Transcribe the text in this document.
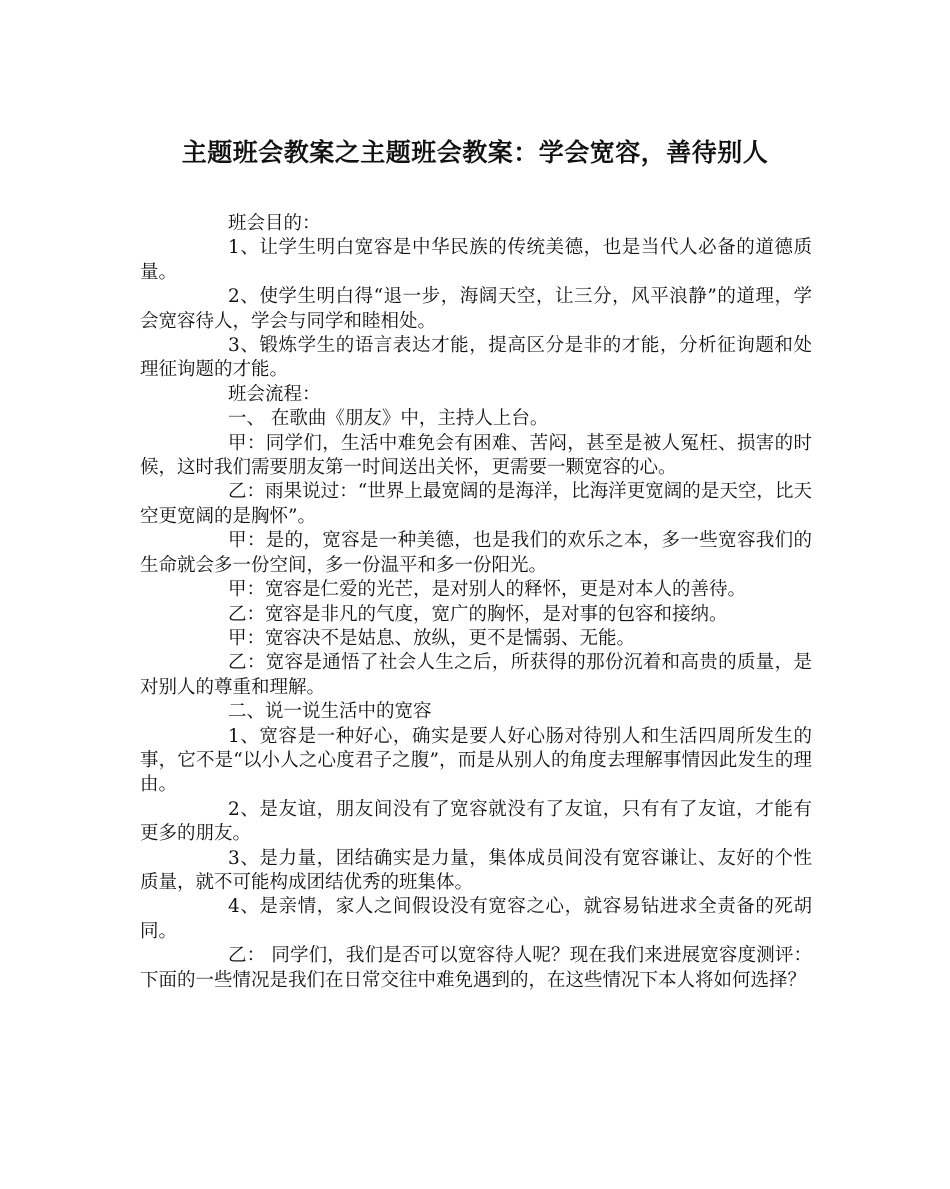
主题班会教案之主题班会教案：学会宽容，善待别人

班会目的：

1、让学生明白宽容是中华民族的传统美德，也是当代人必备的道德质量。

2、使学生明白得“退一步，海阔天空，让三分，风平浪静”的道理，学会宽容待人，学会与同学和睦相处。

3、锻炼学生的语言表达才能，提高区分是非的才能，分析征询题和处理征询题的才能。

班会流程：

一、 在歌曲《朋友》中，主持人上台。

甲：同学们，生活中难免会有困难、苦闷，甚至是被人冤枉、损害的时候，这时我们需要朋友第一时间送出关怀，更需要一颗宽容的心。

乙：雨果说过：“世界上最宽阔的是海洋，比海洋更宽阔的是天空，比天空更宽阔的是胸怀”。

甲：是的，宽容是一种美德，也是我们的欢乐之本，多一些宽容我们的生命就会多一份空间，多一份温平和多一份阳光。

甲：宽容是仁爱的光芒，是对别人的释怀，更是对本人的善待。

乙：宽容是非凡的气度，宽广的胸怀，是对事的包容和接纳。

甲：宽容决不是姑息、放纵，更不是懦弱、无能。

乙：宽容是通悟了社会人生之后，所获得的那份沉着和高贵的质量，是对别人的尊重和理解。

二、说一说生活中的宽容

1、宽容是一种好心，确实是要人好心肠对待别人和生活四周所发生的事，它不是“以小人之心度君子之腹”，而是从别人的角度去理解事情因此发生的理由。

2、是友谊，朋友间没有了宽容就没有了友谊，只有有了友谊，才能有更多的朋友。

3、是力量，团结确实是力量，集体成员间没有宽容谦让、友好的个性质量，就不可能构成团结优秀的班集体。

4、是亲情，家人之间假设没有宽容之心，就容易钻进求全责备的死胡同。

乙： 同学们，我们是否可以宽容待人呢？现在我们来进展宽容度测评：下面的一些情况是我们在日常交往中难免遇到的，在这些情况下本人将如何选择？
